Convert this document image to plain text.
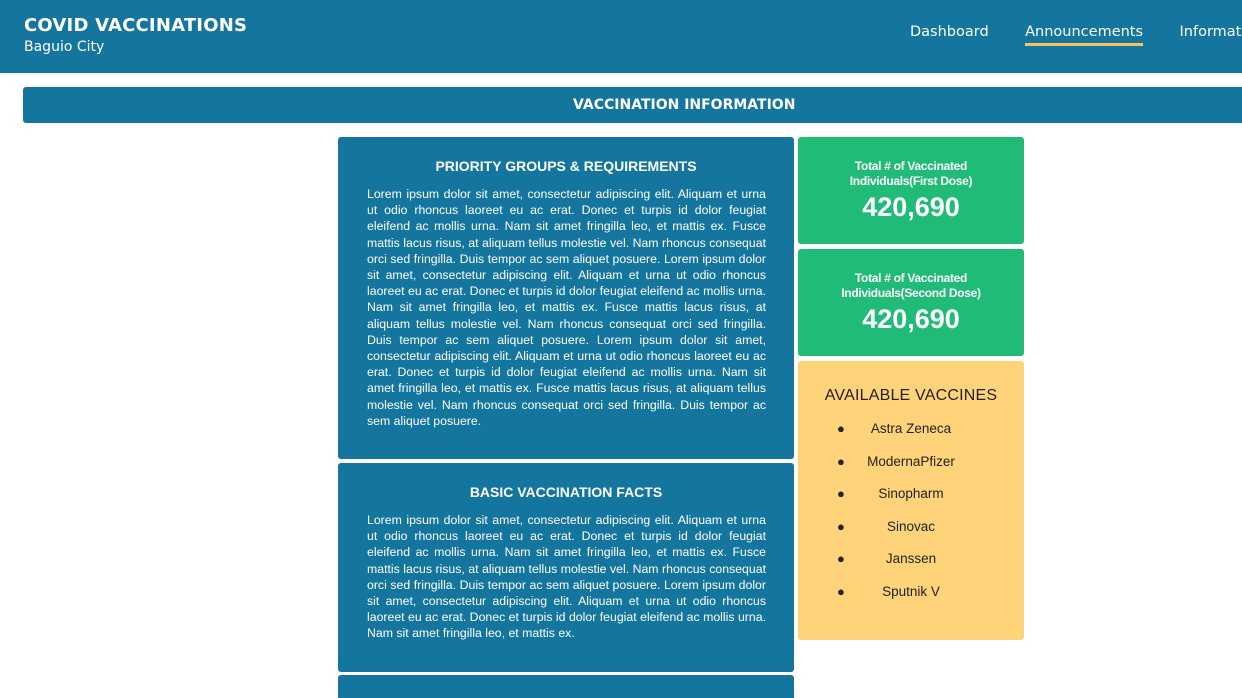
COVID VACCINATIONS
Baguio City
Dashboard	Announcements	Informat
VACCINATION INFORMATION
PRIORITY GROUPS & REQUIREMENTS
Lorem ipsum dolor sit amet, consectetur adipiscing elit. Aliquam et urna ut odio rhoncus laoreet eu ac erat. Donec et turpis id dolor feugiat eleifend ac mollis urna. Nam sit amet fringilla leo, et mattis ex. Fusce mattis lacus risus, at aliquam tellus molestie vel. Nam rhoncus consequat orci sed fringilla. Duis tempor ac sem aliquet posuere. Lorem ipsum dolor sit amet, consectetur adipiscing elit. Aliquam et urna ut odio rhoncus laoreet eu ac erat. Donec et turpis id dolor feugiat eleifend ac mollis urna. Nam sit amet fringilla leo, et mattis ex. Fusce mattis lacus risus, at aliquam tellus molestie vel. Nam rhoncus consequat orci sed fringilla. Duis tempor ac sem aliquet posuere. Lorem ipsum dolor sit amet, consectetur adipiscing elit. Aliquam et urna ut odio rhoncus laoreet eu ac erat. Donec et turpis id dolor feugiat eleifend ac mollis urna. Nam sit amet fringilla leo, et mattis ex. Fusce mattis lacus risus, at aliquam tellus molestie vel. Nam rhoncus consequat orci sed fringilla. Duis tempor ac sem aliquet posuere.
BASIC VACCINATION FACTS
Lorem ipsum dolor sit amet, consectetur adipiscing elit. Aliquam et urna ut odio rhoncus laoreet eu ac erat. Donec et turpis id dolor feugiat eleifend ac mollis urna. Nam sit amet fringilla leo, et mattis ex. Fusce mattis lacus risus, at aliquam tellus molestie vel. Nam rhoncus consequat orci sed fringilla. Duis tempor ac sem aliquet posuere. Lorem ipsum dolor sit amet, consectetur adipiscing elit. Aliquam et urna ut odio rhoncus laoreet eu ac erat. Donec et turpis id dolor feugiat eleifend ac mollis urna. Nam sit amet fringilla leo, et mattis ex.
Total # of Vaccinated
Individuals(First Dose)
420,690
Total # of Vaccinated
Individuals(Second Dose)
420,690
AVAILABLE VACCINES
● Astra Zeneca
● ModernaPfizer
● Sinopharm
●	Sinovac
●	Janssen
●	Sputnik V
